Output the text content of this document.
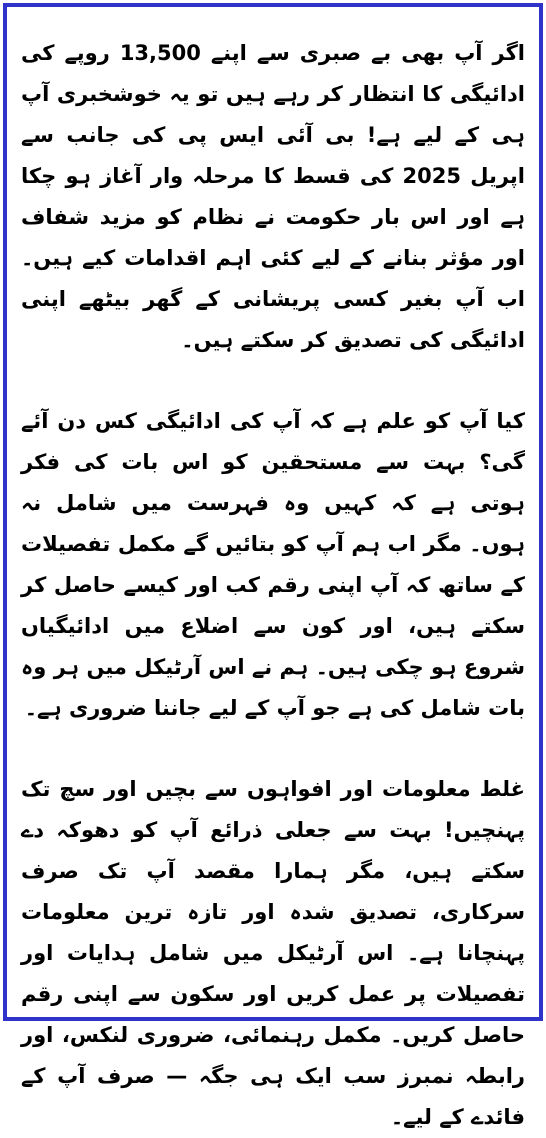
اگر آپ بھی بے صبری سے اپنے 13,500 روپے کی ادائیگی کا انتظار کر رہے ہیں تو یہ خوشخبری آپ ہی کے لیے ہے! بی آئی ایس پی کی جانب سے اپریل 2025 کی قسط کا مرحلہ وار آغاز ہو چکا ہے اور اس بار حکومت نے نظام کو مزید شفاف اور مؤثر بنانے کے لیے کئی اہم اقدامات کیے ہیں۔ اب آپ بغیر کسی پریشانی کے گھر بیٹھے اپنی ادائیگی کی تصدیق کر سکتے ہیں۔

کیا آپ کو علم ہے کہ آپ کی ادائیگی کس دن آئے گی؟ بہت سے مستحقین کو اس بات کی فکر ہوتی ہے کہ کہیں وہ فہرست میں شامل نہ ہوں۔ مگر اب ہم آپ کو بتائیں گے مکمل تفصیلات کے ساتھ کہ آپ اپنی رقم کب اور کیسے حاصل کر سکتے ہیں، اور کون سے اضلاع میں ادائیگیاں شروع ہو چکی ہیں۔ ہم نے اس آرٹیکل میں ہر وہ بات شامل کی ہے جو آپ کے لیے جاننا ضروری ہے۔

غلط معلومات اور افواہوں سے بچیں اور سچ تک پہنچیں! بہت سے جعلی ذرائع آپ کو دھوکہ دے سکتے ہیں، مگر ہمارا مقصد آپ تک صرف سرکاری، تصدیق شدہ اور تازہ ترین معلومات پہنچانا ہے۔ اس آرٹیکل میں شامل ہدایات اور تفصیلات پر عمل کریں اور سکون سے اپنی رقم حاصل کریں۔ مکمل رہنمائی، ضروری لنکس، اور رابطہ نمبرز سب ایک ہی جگہ — صرف آپ کے فائدے کے لیے۔
